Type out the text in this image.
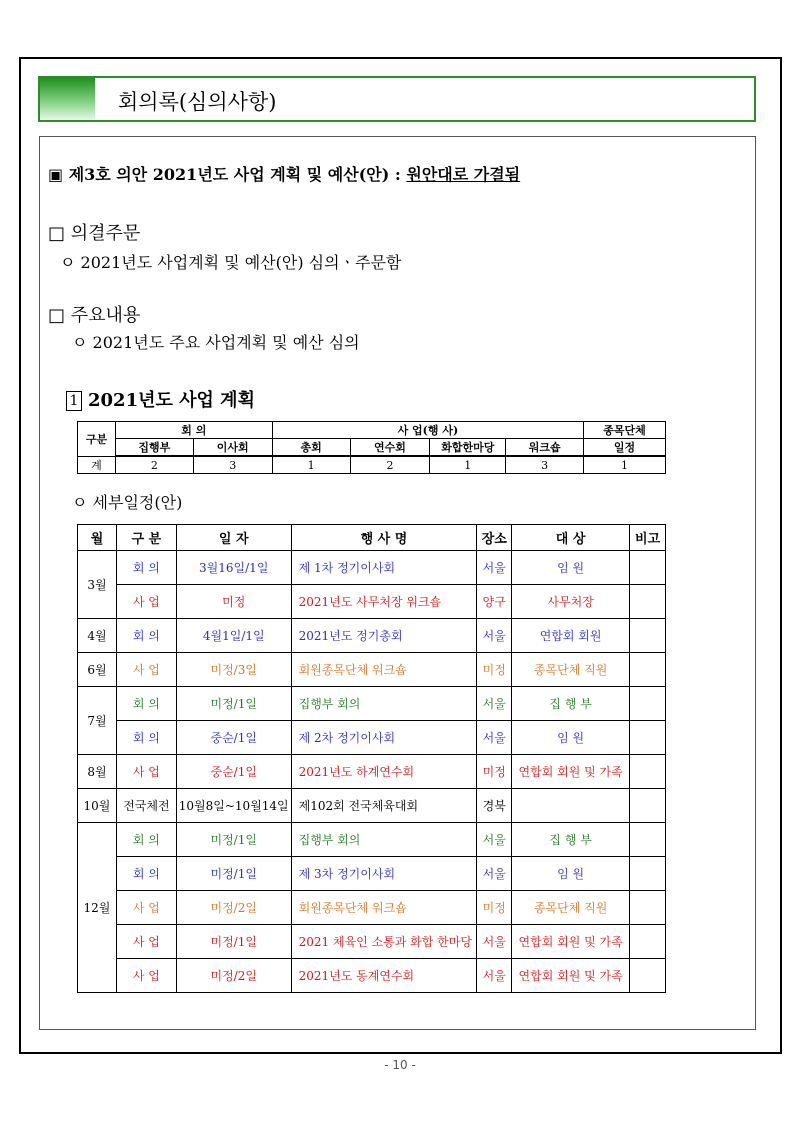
회의록(심의사항)
▣ 제3호 의안 2021년도 사업 계획 및 예산(안) : 원안대로 가결됨
□ 의결주문
ㅇ 2021년도 사업계획 및 예산(안) 심의ㆍ주문함
□ 주요내용
ㅇ 2021년도 주요 사업계획 및 예산 심의
1 2021년도 사업 계획
구분	회 의		사 업(행 사)				종목단체
	집행부	이사회	총회	연수회	화합한마당	워크숍	일정
계	2	3	1	2	1	3	1
ㅇ 세부일정(안)
월	구 분	일 자	행 사 명	장소	대 상	비고
3월	회 의	3월16일/1일	제 1차 정기이사회	서울	임 원	
	사 업	미정	2021년도 사무처장 워크숍	양구	사무처장	
4월	회 의	4월1일/1일	2021년도 정기총회	서울	연합회 회원	
6월	사 업	미정/3일	회원종목단체 워크숍	미정	종목단체 직원	
7월	회 의	미정/1일	집행부 회의	서울	집 행 부	
	회 의	중순/1일	제 2차 정기이사회	서울	임 원	
8월	사 업	중순/1일	2021년도 하계연수회	미정	연합회 회원 및 가족	
10월	전국체전	10월8일~10월14일	제102회 전국체육대회	경북		
12월	회 의	미정/1일	집행부 회의	서울	집 행 부	
	회 의	미정/1일	제 3차 정기이사회	서울	임 원	
	사 업	미정/2일	회원종목단체 워크숍	미정	종목단체 직원	
	사 업	미정/1일	2021 체육인 소통과 화합 한마당	서울	연합회 회원 및 가족	
	사 업	미정/2일	2021년도 동계연수회	서울	연합회 회원 및 가족	
- 10 -
